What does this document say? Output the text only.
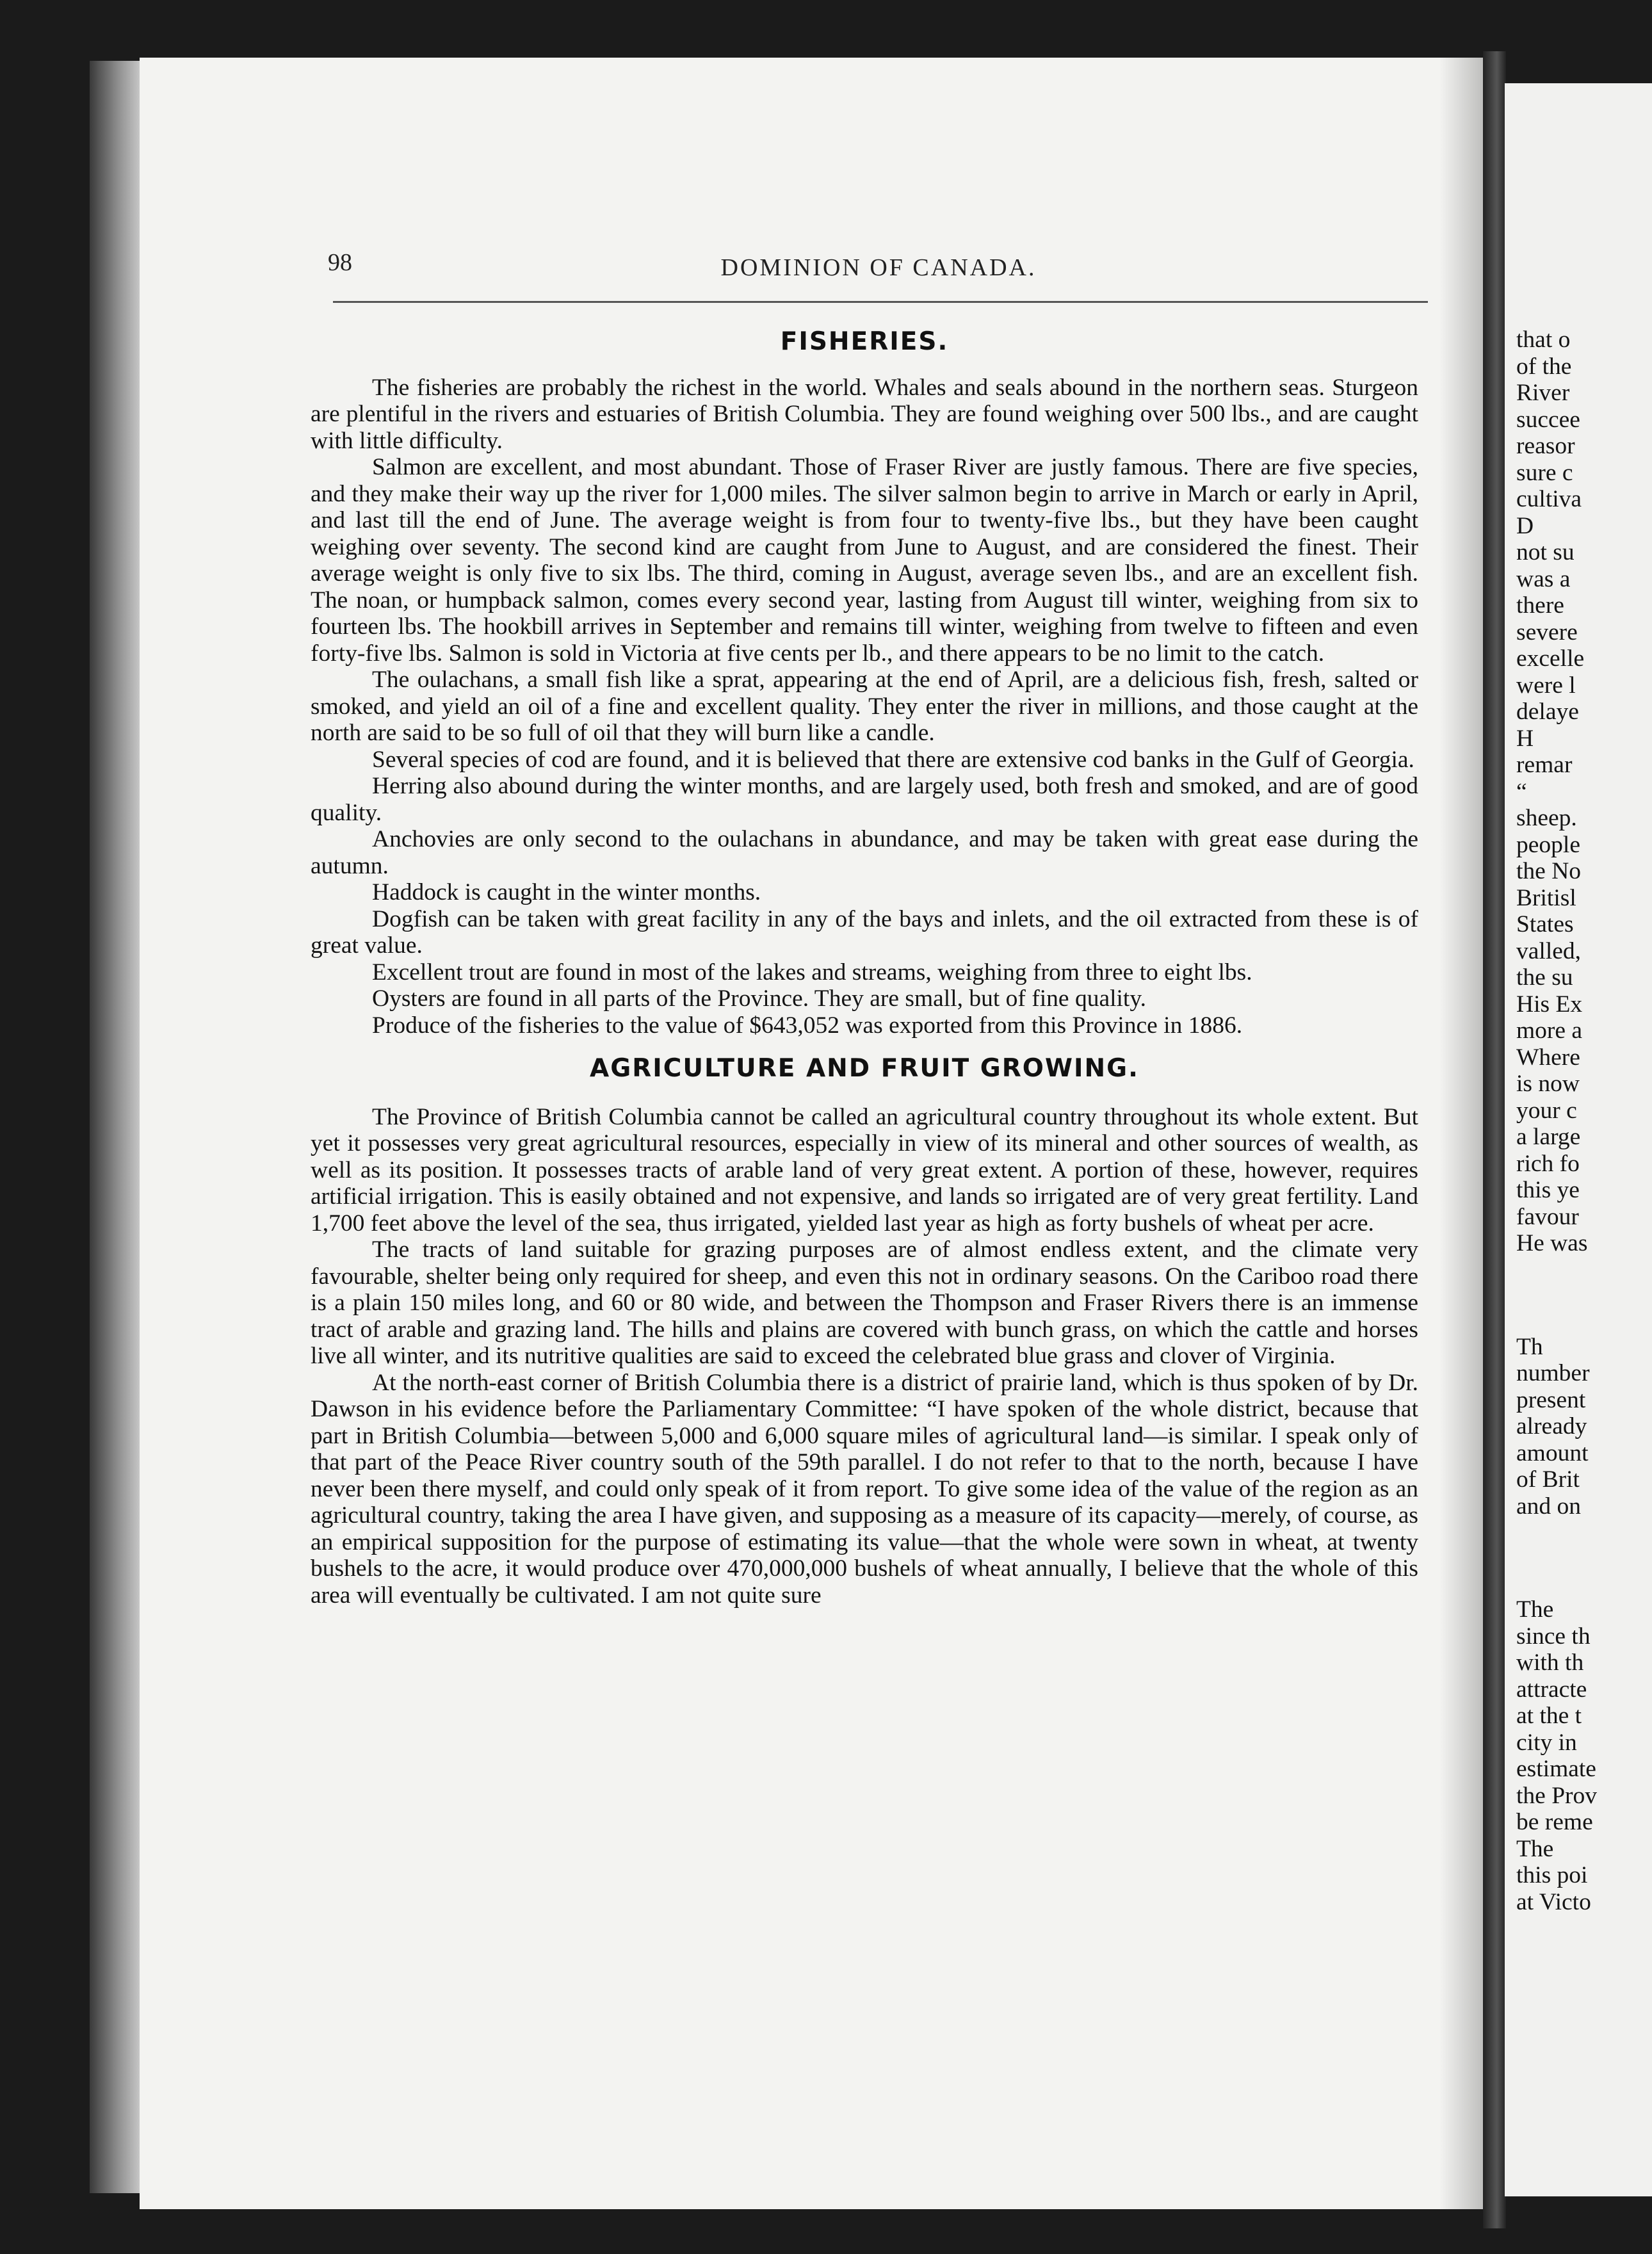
that o
of the
River
succee
reasor
sure c
cultiva
D
not su
was a
there
severe
excelle
were l
delaye
H
remar
“
sheep.
people
the No
Britisl
States
valled,
the su
His Ex
more a
Where
is now
your c
a large
rich fo
this ye
favour
He was
Th
number
present
already
amount
of Brit
and on
The
since th
with th
attracte
at the t
city in
estimate
the Prov
be reme
The
this poi
at Victo
98	DOMINION OF CANADA.
FISHERIES.

The fisheries are probably the richest in the world. Whales and seals abound in the northern seas. Sturgeon are plentiful in the rivers and estuaries of British Columbia. They are found weighing over 500 lbs., and are caught with little difficulty.

Salmon are excellent, and most abundant. Those of Fraser River are justly famous. There are five species, and they make their way up the river for 1,000 miles. The silver salmon begin to arrive in March or early in April, and last till the end of June. The average weight is from four to twenty-five lbs., but they have been caught weighing over seventy. The second kind are caught from June to August, and are considered the finest. Their average weight is only five to six lbs. The third, coming in August, average seven lbs., and are an excellent fish. The noan, or humpback salmon, comes every second year, lasting from August till winter, weighing from six to fourteen lbs. The hookbill arrives in September and remains till winter, weighing from twelve to fifteen and even forty-five lbs. Salmon is sold in Victoria at five cents per lb., and there appears to be no limit to the catch.

The oulachans, a small fish like a sprat, appearing at the end of April, are a delicious fish, fresh, salted or smoked, and yield an oil of a fine and excellent quality. They enter the river in millions, and those caught at the north are said to be so full of oil that they will burn like a candle.

Several species of cod are found, and it is believed that there are extensive cod banks in the Gulf of Georgia.

Herring also abound during the winter months, and are largely used, both fresh and smoked, and are of good quality.

Anchovies are only second to the oulachans in abundance, and may be taken with great ease during the autumn.

Haddock is caught in the winter months.

Dogfish can be taken with great facility in any of the bays and inlets, and the oil extracted from these is of great value.

Excellent trout are found in most of the lakes and streams, weighing from three to eight lbs.

Oysters are found in all parts of the Province. They are small, but of fine quality.

Produce of the fisheries to the value of $643,052 was exported from this Province in 1886.

AGRICULTURE AND FRUIT GROWING.

The Province of British Columbia cannot be called an agricultural country throughout its whole extent. But yet it possesses very great agricultural resources, especially in view of its mineral and other sources of wealth, as well as its position. It possesses tracts of arable land of very great extent. A portion of these, however, requires artificial irrigation. This is easily obtained and not expensive, and lands so irrigated are of very great fertility. Land 1,700 feet above the level of the sea, thus irrigated, yielded last year as high as forty bushels of wheat per acre.

The tracts of land suitable for grazing purposes are of almost endless extent, and the climate very favourable, shelter being only required for sheep, and even this not in ordinary seasons. On the Cariboo road there is a plain 150 miles long, and 60 or 80 wide, and between the Thompson and Fraser Rivers there is an immense tract of arable and grazing land. The hills and plains are covered with bunch grass, on which the cattle and horses live all winter, and its nutritive qualities are said to exceed the celebrated blue grass and clover of Virginia.

At the north-east corner of British Columbia there is a district of prairie land, which is thus spoken of by Dr. Dawson in his evidence before the Parliamentary Committee: “I have spoken of the whole district, because that part in British Columbia—between 5,000 and 6,000 square miles of agricultural land—is similar. I speak only of that part of the Peace River country south of the 59th parallel. I do not refer to that to the north, because I have never been there myself, and could only speak of it from report. To give some idea of the value of the region as an agricultural country, taking the area I have given, and supposing as a measure of its capacity—merely, of course, as an empirical supposition for the purpose of estimating its value—that the whole were sown in wheat, at twenty bushels to the acre, it would produce over 470,000,000 bushels of wheat annually, I believe that the whole of this area will eventually be cultivated. I am not quite sure
